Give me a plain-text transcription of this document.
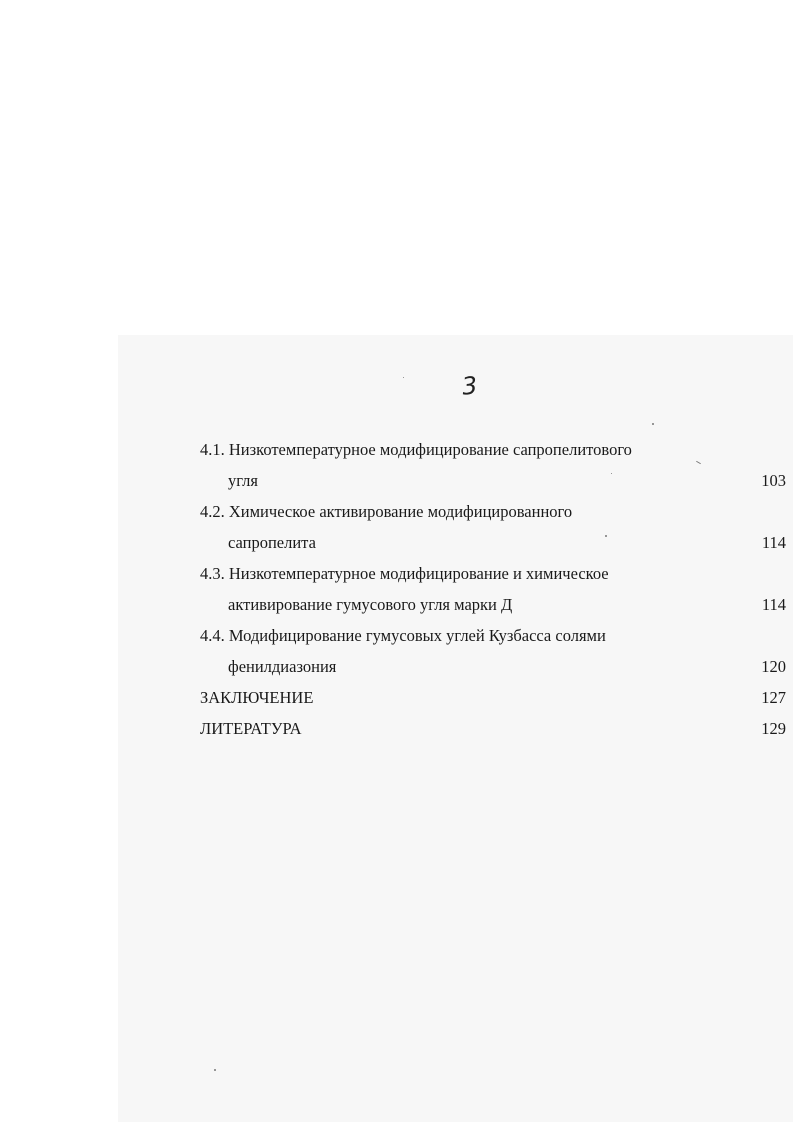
3
4.1. Низкотемпературное модифицирование сапропелитового
угля	103
4.2. Химическое активирование модифицированного
сапропелита	114
4.3. Низкотемпературное модифицирование и химическое
активирование гумусового угля марки Д	114
4.4. Модифицирование гумусовых углей Кузбасса солями
фенилдиазония	120
ЗАКЛЮЧЕНИЕ	127
ЛИТЕРАТУРА	129
